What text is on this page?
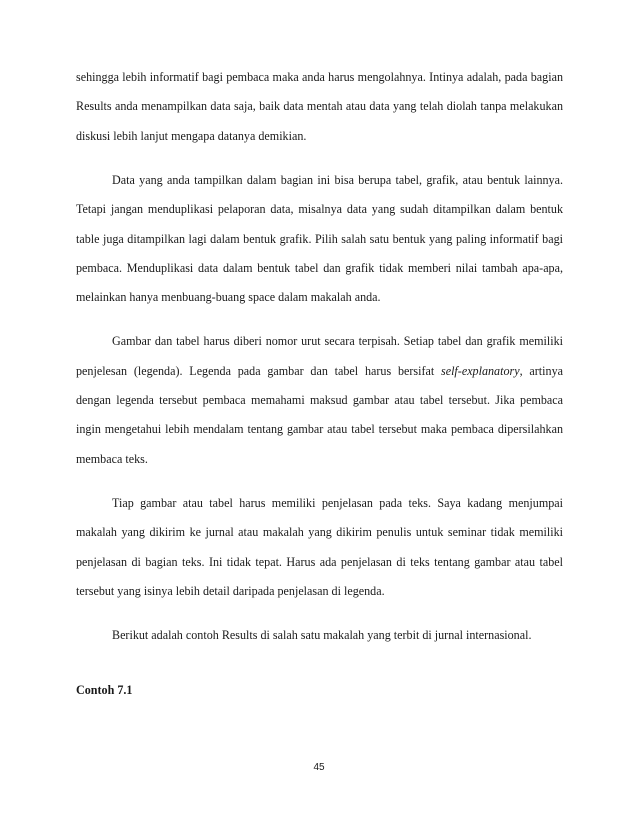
sehingga lebih informatif bagi pembaca maka anda harus mengolahnya. Intinya adalah, pada bagian Results anda menampilkan data saja, baik data mentah atau data yang telah diolah tanpa melakukan diskusi lebih lanjut mengapa datanya demikian.

Data yang anda tampilkan dalam bagian ini bisa berupa tabel, grafik, atau bentuk lainnya. Tetapi jangan menduplikasi pelaporan data, misalnya data yang sudah ditampilkan dalam bentuk table juga ditampilkan lagi dalam bentuk grafik. Pilih salah satu bentuk yang paling informatif bagi pembaca. Menduplikasi data dalam bentuk tabel dan grafik tidak memberi nilai tambah apa-apa, melainkan hanya menbuang-buang space dalam makalah anda.

Gambar dan tabel harus diberi nomor urut secara terpisah. Setiap tabel dan grafik memiliki penjelesan (legenda). Legenda pada gambar dan tabel harus bersifat self-explanatory, artinya dengan legenda tersebut pembaca memahami maksud gambar atau tabel tersebut. Jika pembaca ingin mengetahui lebih mendalam tentang gambar atau tabel tersebut maka pembaca dipersilahkan membaca teks.

Tiap gambar atau tabel harus memiliki penjelasan pada teks. Saya kadang menjumpai makalah yang dikirim ke jurnal atau makalah yang dikirim penulis untuk seminar tidak memiliki penjelasan di bagian teks. Ini tidak tepat. Harus ada penjelasan di teks tentang gambar atau tabel tersebut yang isinya lebih detail daripada penjelasan di legenda.

Berikut adalah contoh Results di salah satu makalah yang terbit di jurnal internasional.

Contoh 7.1
45
